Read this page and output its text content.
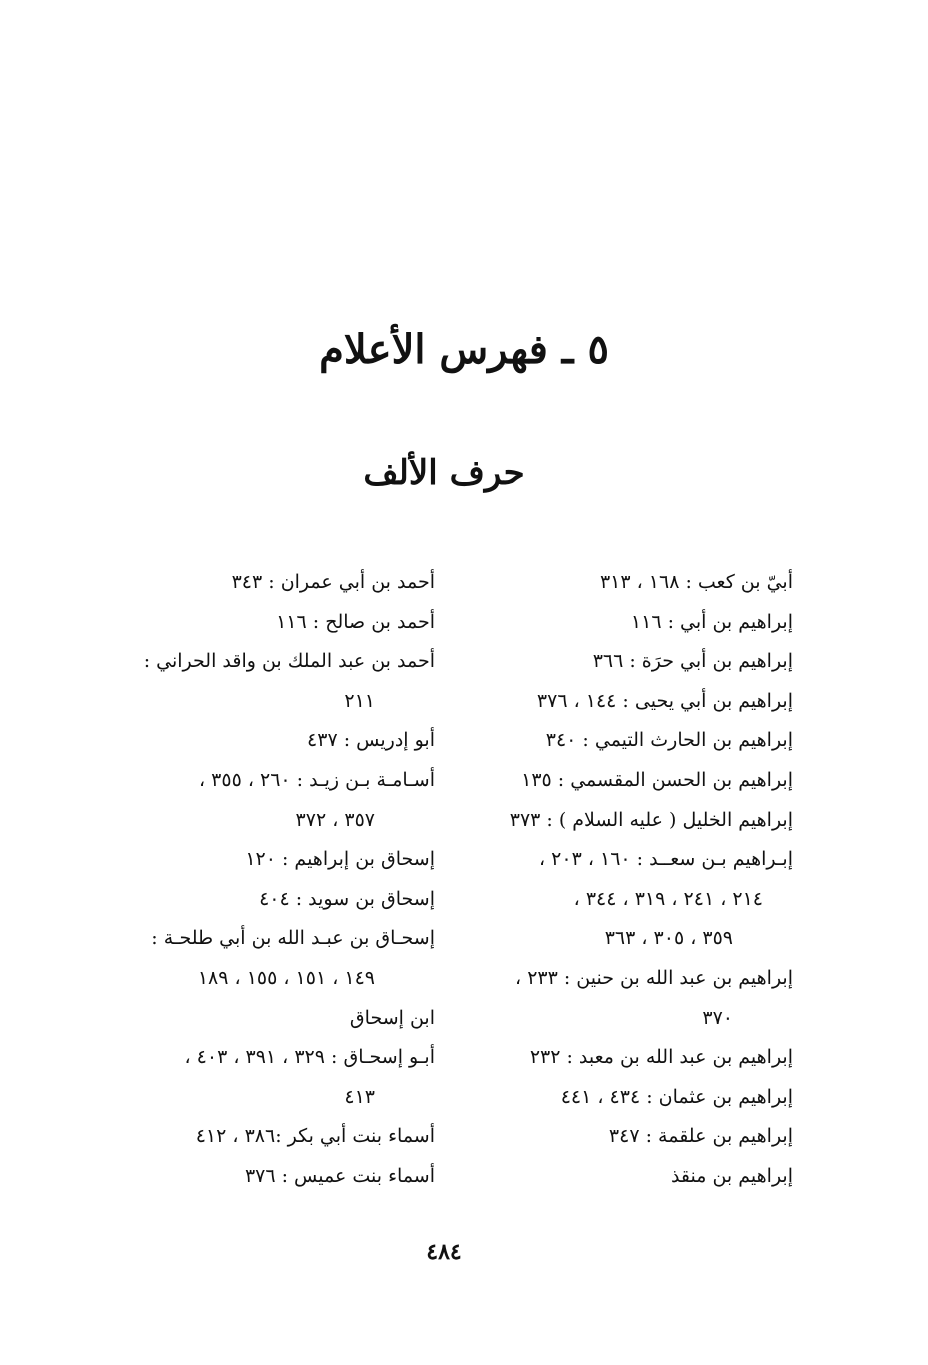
٥ ـ فهرس الأعلام
حرف الألف
أبيّ بن كعب : ١٦٨ ، ٣١٣
إبراهيم بن أبي : ١١٦
إبراهيم بن أبي حرَة : ٣٦٦
إبراهيم بن أبي يحيى : ١٤٤ ، ٣٧٦
إبراهيم بن الحارث التيمي : ٣٤٠
إبراهيم بن الحسن المقسمي : ١٣٥
إبراهيم الخليل ( عليه السلام ) : ٣٧٣
إبـراهيم بـن سعــد : ١٦٠ ، ٢٠٣ ،
٢١٤ ، ٢٤١ ، ٣١٩ ، ٣٤٤ ،
٣٥٩ ، ٣٠٥ ، ٣٦٣
إبراهيم بن عبد الله بن حنين : ٢٣٣ ،
٣٧٠
إبراهيم بن عبد الله بن معبد : ٢٣٢
إبراهيم بن عثمان : ٤٣٤ ، ٤٤١
إبراهيم بن علقمة : ٣٤٧
إبراهيم بن منقذ
أحمد بن أبي عمران : ٣٤٣
أحمد بن صالح : ١١٦
أحمد بن عبد الملك بن واقد الحراني :
٢١١
أبو إدريس : ٤٣٧
أسـامـة بـن زيـد : ٢٦٠ ، ٣٥٥ ،
٣٥٧ ، ٣٧٢
إسحاق بن إبراهيم : ١٢٠
إسحاق بن سويد : ٤٠٤
إسحـاق بن عبـد الله بن أبي طلحـة :
١٤٩ ، ١٥١ ، ١٥٥ ، ١٨٩
ابن إسحاق
أبـو إسحـاق : ٣٢٩ ، ٣٩١ ، ٤٠٣ ،
٤١٣
أسماء بنت أبي بكر :٣٨٦ ، ٤١٢
أسماء بنت عميس : ٣٧٦
٤٨٤
